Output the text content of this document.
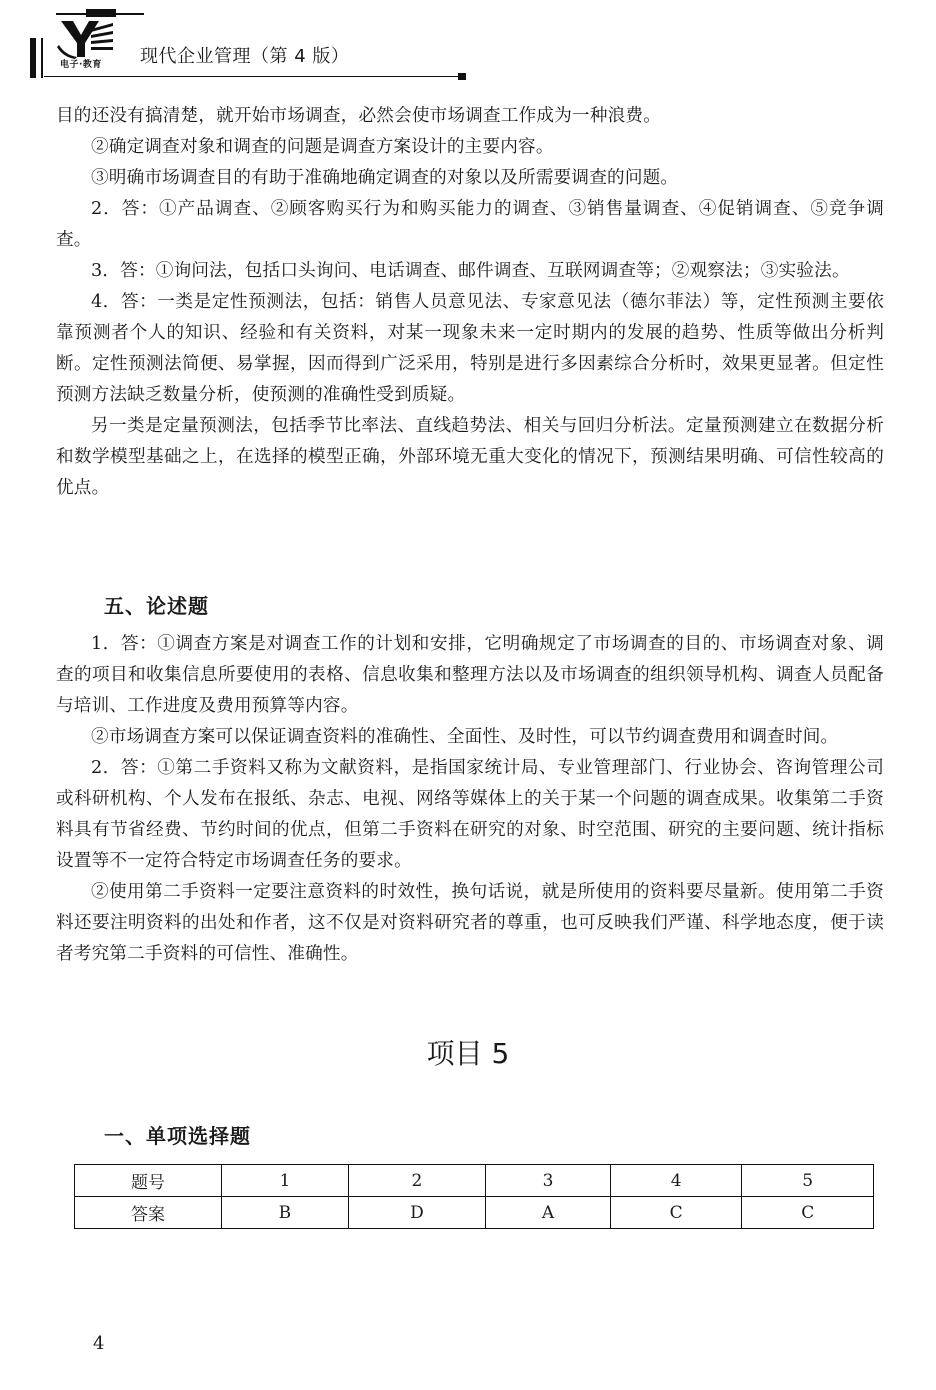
电子·教育 现代企业管理（第 4 版）

目的还没有搞清楚，就开始市场调查，必然会使市场调查工作成为一种浪费。

②确定调查对象和调查的问题是调查方案设计的主要内容。

③明确市场调查目的有助于准确地确定调查的对象以及所需要调查的问题。

2．答：①产品调查、②顾客购买行为和购买能力的调查、③销售量调查、④促销调查、⑤竞争调查。

3．答：①询问法，包括口头询问、电话调查、邮件调查、互联网调查等；②观察法；③实验法。

4．答：一类是定性预测法，包括：销售人员意见法、专家意见法（德尔菲法）等，定性预测主要依靠预测者个人的知识、经验和有关资料，对某一现象未来一定时期内的发展的趋势、性质等做出分析判断。定性预测法简便、易掌握，因而得到广泛采用，特别是进行多因素综合分析时，效果更显著。但定性预测方法缺乏数量分析，使预测的准确性受到质疑。

另一类是定量预测法，包括季节比率法、直线趋势法、相关与回归分析法。定量预测建立在数据分析和数学模型基础之上，在选择的模型正确，外部环境无重大变化的情况下，预测结果明确、可信性较高的优点。

五、论述题

1．答：①调查方案是对调查工作的计划和安排，它明确规定了市场调查的目的、市场调查对象、调查的项目和收集信息所要使用的表格、信息收集和整理方法以及市场调查的组织领导机构、调查人员配备与培训、工作进度及费用预算等内容。

②市场调查方案可以保证调查资料的准确性、全面性、及时性，可以节约调查费用和调查时间。

2．答：①第二手资料又称为文献资料，是指国家统计局、专业管理部门、行业协会、咨询管理公司或科研机构、个人发布在报纸、杂志、电视、网络等媒体上的关于某一个问题的调查成果。收集第二手资料具有节省经费、节约时间的优点，但第二手资料在研究的对象、时空范围、研究的主要问题、统计指标设置等不一定符合特定市场调查任务的要求。

②使用第二手资料一定要注意资料的时效性，换句话说，就是所使用的资料要尽量新。使用第二手资料还要注明资料的出处和作者，这不仅是对资料研究者的尊重，也可反映我们严谨、科学地态度，便于读者考究第二手资料的可信性、准确性。

项目 5
一、单项选择题
题号	1	2	3	4	5
答案	B	D	A	C	C
4
